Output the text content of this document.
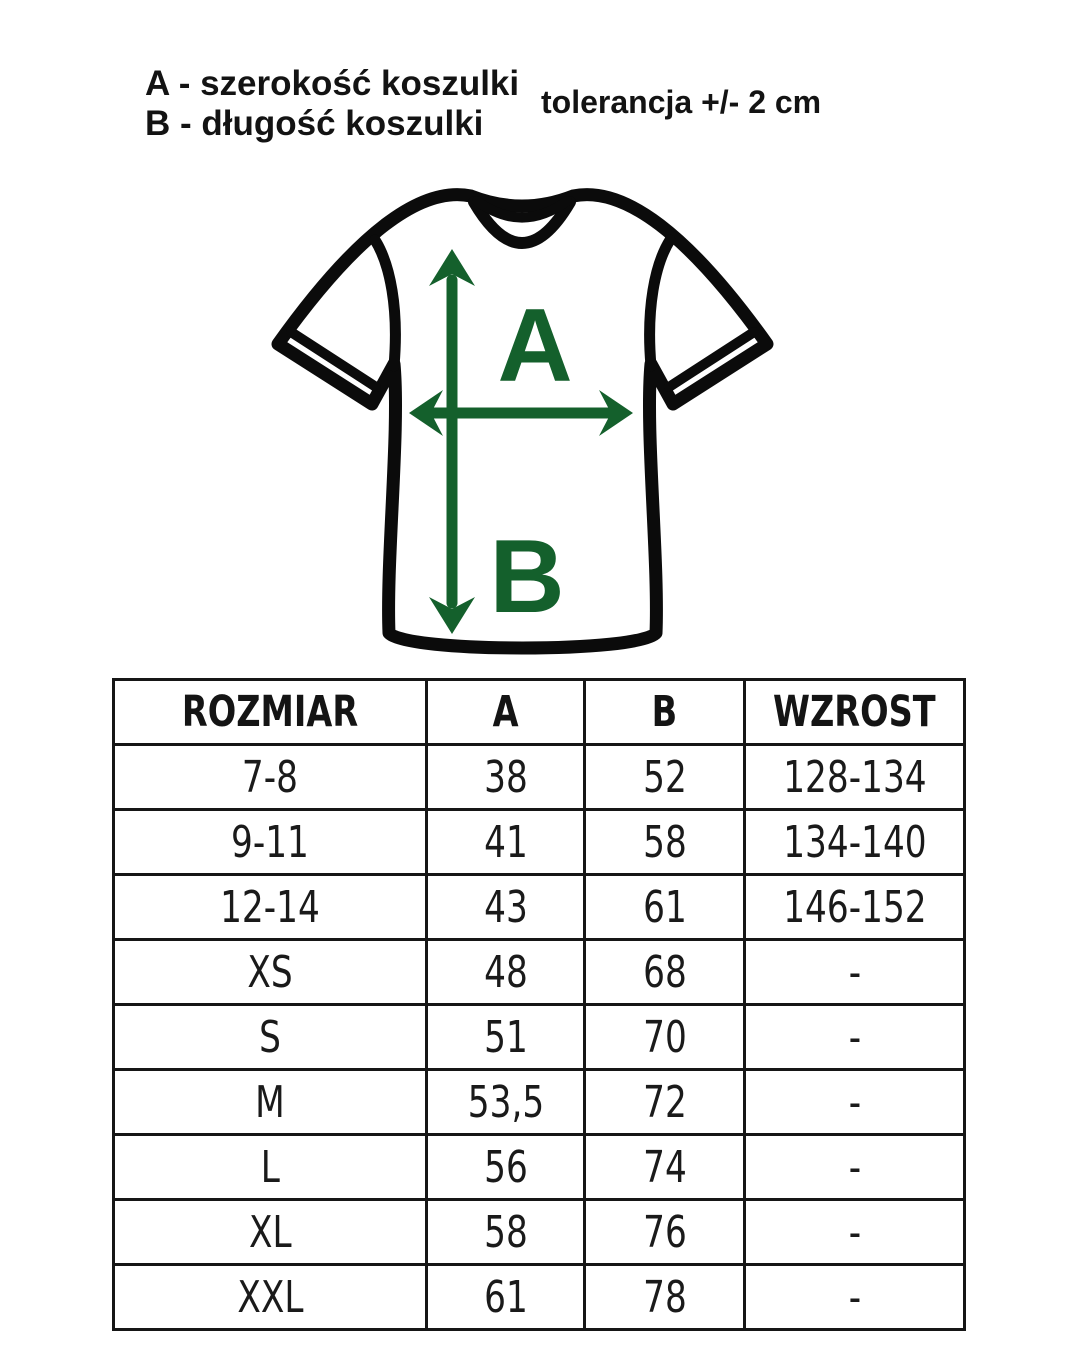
A - szerokość koszulki
B - długość koszulki
tolerancja +/- 2 cm
A
B
ROZMIAR	A	B	WZROST
7-8	38	52	128-134
9-11	41	58	134-140
12-14	43	61	146-152
XS	48	68	-
S	51	70	-
M	53,5	72	-
L	56	74	-
XL	58	76	-
XXL	61	78	-
